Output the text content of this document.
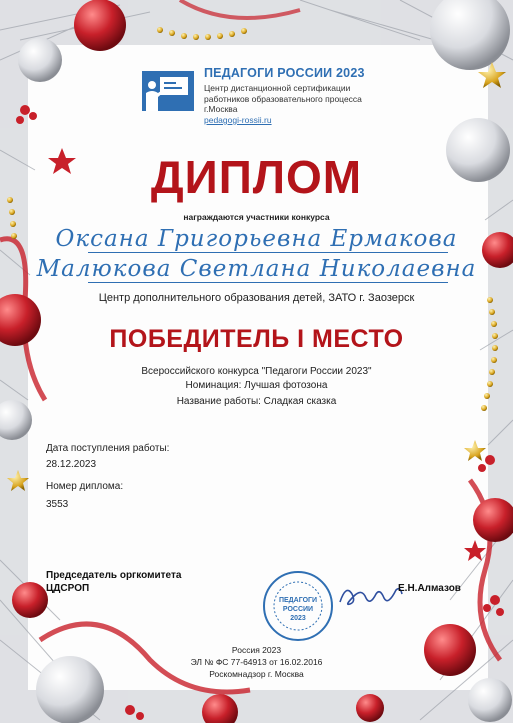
ПЕДАГОГИ РОССИИ 2023
Центр дистанционной сертификации
работников образовательного процесса
г.Москва
pedagogi-rossii.ru
ДИПЛОМ
награждаются участники конкурса
Оксана Григорьевна Ермакова
Малюкова Светлана Николаевна
Центр дополнительного образования детей, ЗАТО г. Заозерск
ПОБЕДИТЕЛЬ I МЕСТО
Всероссийского конкурса "Педагоги России 2023"
Номинация: Лучшая фотозона
Название работы: Сладкая сказка
Дата поступления работы:
28.12.2023
Номер диплома:
3553
Председатель оргкомитета
ЦДСРОП
ПЕДАГОГИ
РОССИИ
2023
Е.Н.Алмазов
Россия 2023
ЭЛ № ФС 77-64913 от 16.02.2016
Роскомнадзор г. Москва
